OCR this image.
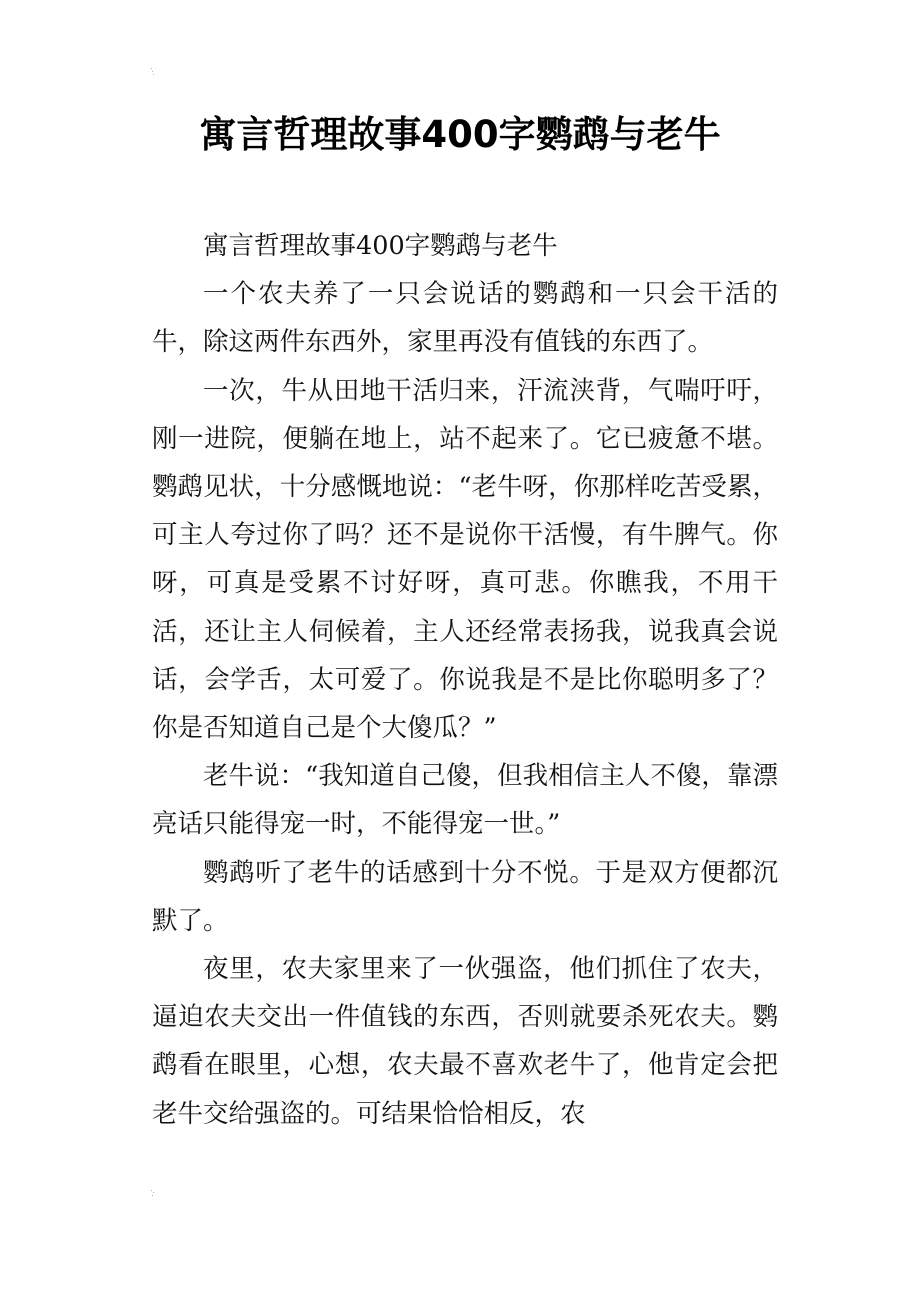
寓言哲理故事400字鹦鹉与老牛

寓言哲理故事400字鹦鹉与老牛

一个农夫养了一只会说话的鹦鹉和一只会干活的牛，除这两件东西外，家里再没有值钱的东西了。

一次，牛从田地干活归来，汗流浃背，气喘吁吁，刚一进院，便躺在地上，站不起来了。它已疲惫不堪。鹦鹉见状，十分感慨地说：“老牛呀，你那样吃苦受累，可主人夸过你了吗？还不是说你干活慢，有牛脾气。你呀，可真是受累不讨好呀，真可悲。你瞧我，不用干活，还让主人伺候着，主人还经常表扬我，说我真会说话，会学舌，太可爱了。你说我是不是比你聪明多了？你是否知道自己是个大傻瓜？”

老牛说：“我知道自己傻，但我相信主人不傻，靠漂亮话只能得宠一时，不能得宠一世。”

鹦鹉听了老牛的话感到十分不悦。于是双方便都沉默了。

夜里，农夫家里来了一伙强盗，他们抓住了农夫，逼迫农夫交出一件值钱的东西，否则就要杀死农夫。鹦鹉看在眼里，心想，农夫最不喜欢老牛了，他肯定会把老牛交给强盗的。可结果恰恰相反，农
